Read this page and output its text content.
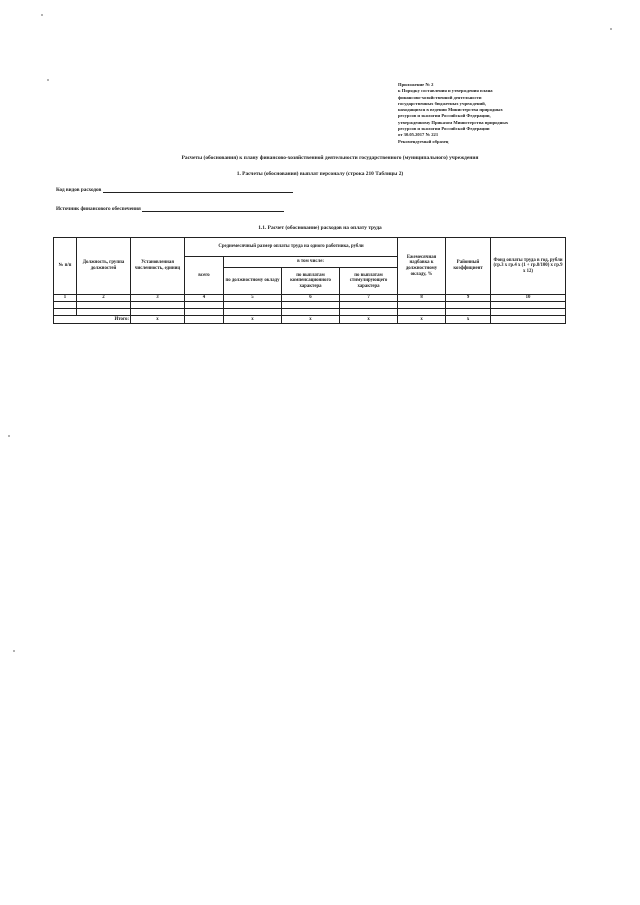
Приложение № 2
к Порядку составления и утверждения плана
финансово-хозяйственной деятельности
государственных бюджетных учреждений,
находящихся в ведении Министерства природных
ресурсов и экологии Российской Федерации,
утвержденному Приказом Министерства природных
ресурсов и экологии Российской Федерации
от 30.05.2017 № 221
Рекомендуемый образец
Расчеты (обоснования) к плану финансово-хозяйственной деятельности государственного (муниципального) учреждения
1. Расчеты (обоснования) выплат персоналу (строка 210 Таблицы 2)
Код видов расходов
Источник финансового обеспечения
1.1. Расчет (обоснование) расходов на оплату труда
№ п/п	Должность, группа должностей	Установленная численность, единиц	Среднемесячный размер оплаты труда на одного работника, рубли				Ежемесячная надбавка к должностному окладу, %	Районный коэффициент	Фонд оплаты труда в год, рубли (гр.3 х гр.4 х (1 + гр.8/100) х гр.9 х 12)
			всего	в том числе:					
				по должностному окладу	по выплатам компенсационного характера	по выплатам стимулирующего характера			
1	2	3	4	5	6	7	8	9	10

Итого:		x		x	x	x	x	x	
